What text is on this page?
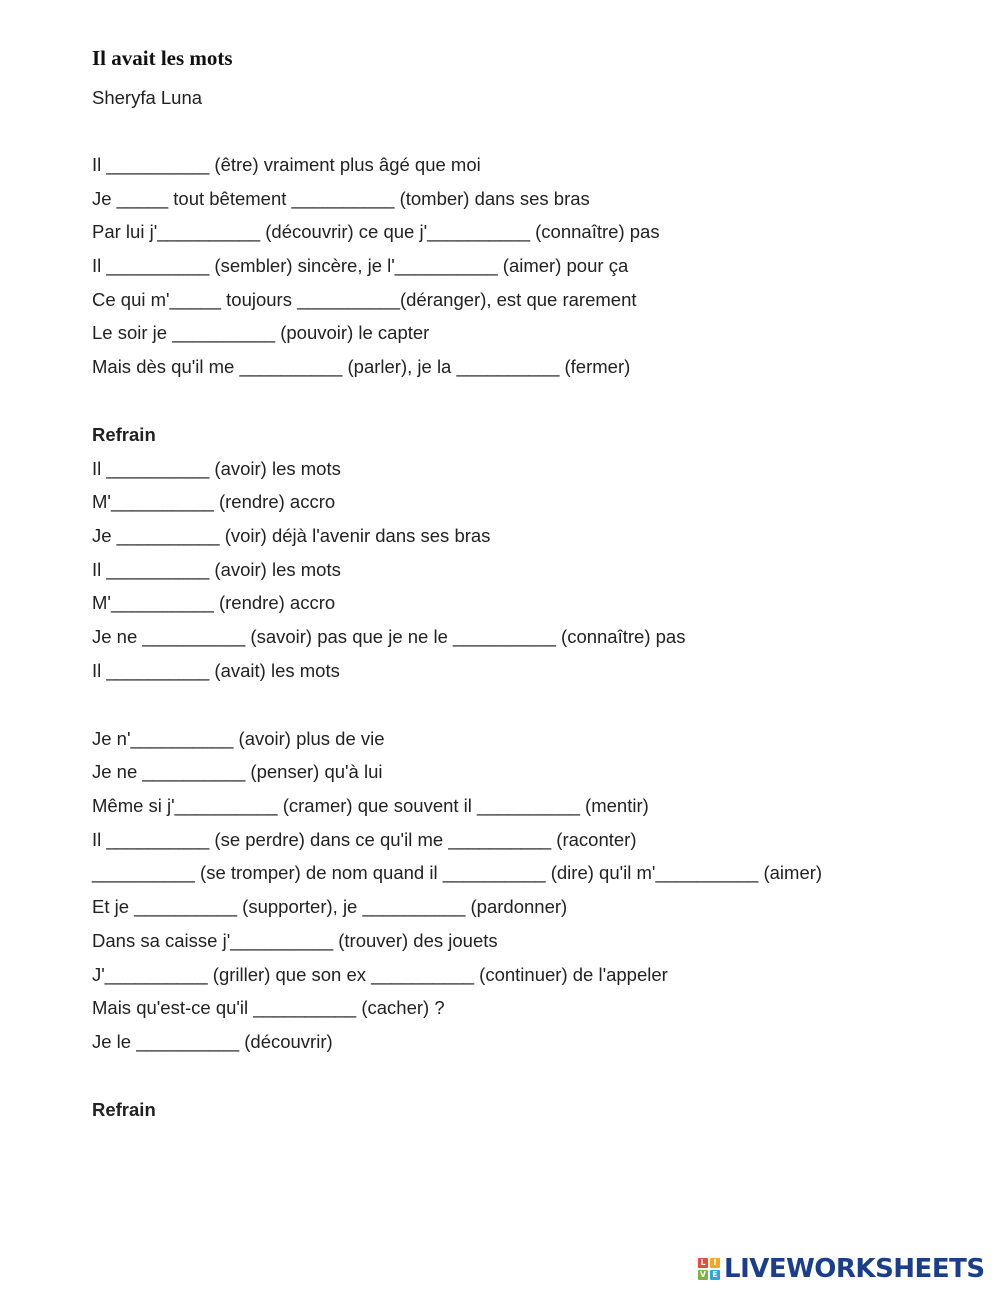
Il avait les mots
Sheryfa Luna
Il __________ (être) vraiment plus âgé que moi
Je _____ tout bêtement __________ (tomber) dans ses bras
Par lui j'__________ (découvrir) ce que j'__________ (connaître) pas
Il __________ (sembler) sincère, je l'__________ (aimer) pour ça
Ce qui m'_____ toujours __________(déranger), est que rarement
Le soir je __________ (pouvoir) le capter
Mais dès qu'il me __________ (parler), je la __________ (fermer)
Refrain
Il __________ (avoir) les mots
M'__________ (rendre) accro
Je __________ (voir) déjà l'avenir dans ses bras
Il __________ (avoir) les mots
M'__________ (rendre) accro
Je ne __________ (savoir) pas que je ne le __________ (connaître) pas
Il __________ (avait) les mots
Je n'__________ (avoir) plus de vie
Je ne __________ (penser) qu'à lui
Même si j'__________ (cramer) que souvent il __________ (mentir)
Il __________ (se perdre) dans ce qu'il me __________ (raconter)
__________ (se tromper) de nom quand il __________ (dire) qu'il m'__________ (aimer)
Et je __________ (supporter), je __________ (pardonner)
Dans sa caisse j'__________ (trouver) des jouets
J'__________ (griller) que son ex __________ (continuer) de l'appeler
Mais qu'est-ce qu'il __________ (cacher) ?
Je le __________ (découvrir)
Refrain
L I
V E LIVEWORKSHEETS
